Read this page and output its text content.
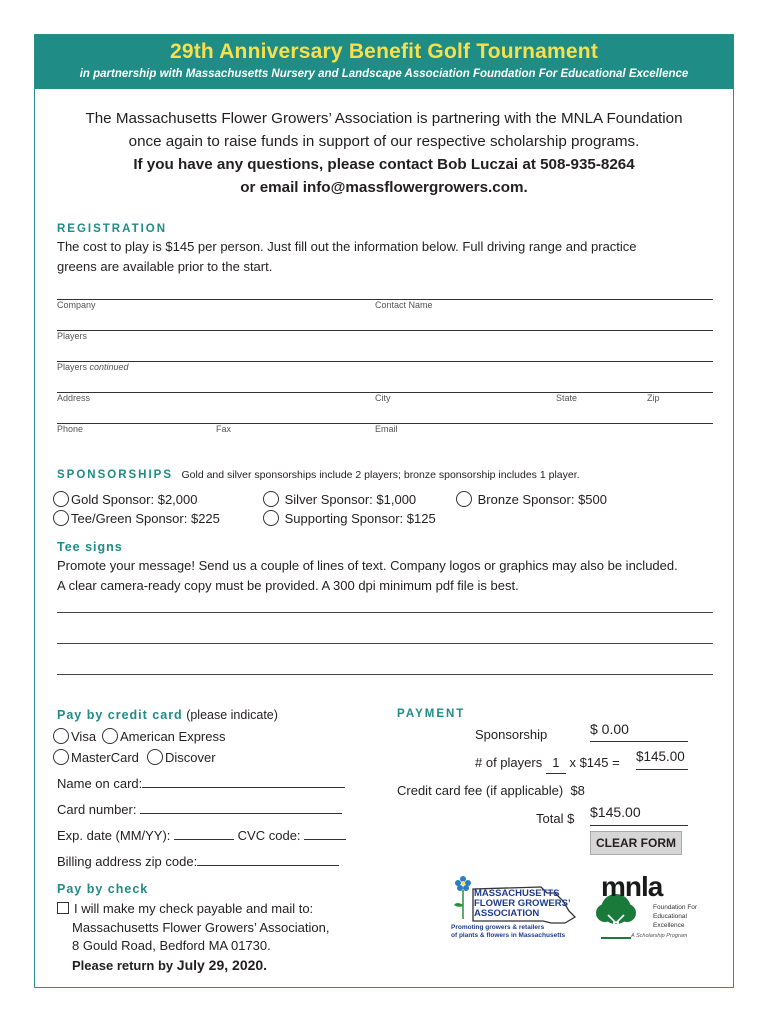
29th Anniversary Benefit Golf Tournament
in partnership with Massachusetts Nursery and Landscape Association Foundation For Educational Excellence
The Massachusetts Flower Growers’ Association is partnering with the MNLA Foundation
once again to raise funds in support of our respective scholarship programs.
If you have any questions, please contact Bob Luczai at 508-935-8264
or email info@massflowergrowers.com.
REGISTRATION
The cost to play is $145 per person. Just fill out the information below. Full driving range and practice
greens are available prior to the start.
Company	Contact Name
Players
Players continued
Address	City	State	Zip
Phone	Fax	Email
SPONSORSHIPS Gold and silver sponsorships include 2 players; bronze sponsorship includes 1 player.
Gold Sponsor: $2,000	Silver Sponsor: $1,000	Bronze Sponsor: $500
Tee/Green Sponsor: $225	Supporting Sponsor: $125
Tee signs
Promote your message! Send us a couple of lines of text. Company logos or graphics may also be included.
A clear camera-ready copy must be provided. A 300 dpi minimum pdf file is best.
Pay by credit card (please indicate)
Visa	American Express
MasterCard	Discover
Name on card:
Card number:
Exp. date (MM/YY):	CVC code:
Billing address zip code:
PAYMENT
Sponsorship	$ 0.00
# of players 1 x $145 = $145.00
Credit card fee (if applicable) $8
Total $ $145.00
CLEAR FORM
Pay by check
I will make my check payable and mail to:
Massachusetts Flower Growers’ Association,
8 Gould Road, Bedford MA 01730.
Please return by July 29, 2020.
MASSACHUSETTS
FLOWER GROWERS’
ASSOCIATION
Promoting growers & retailers
of plants & flowers in Massachusetts
mnla
Foundation For
Educational
Excellence
A Scholarship Program
